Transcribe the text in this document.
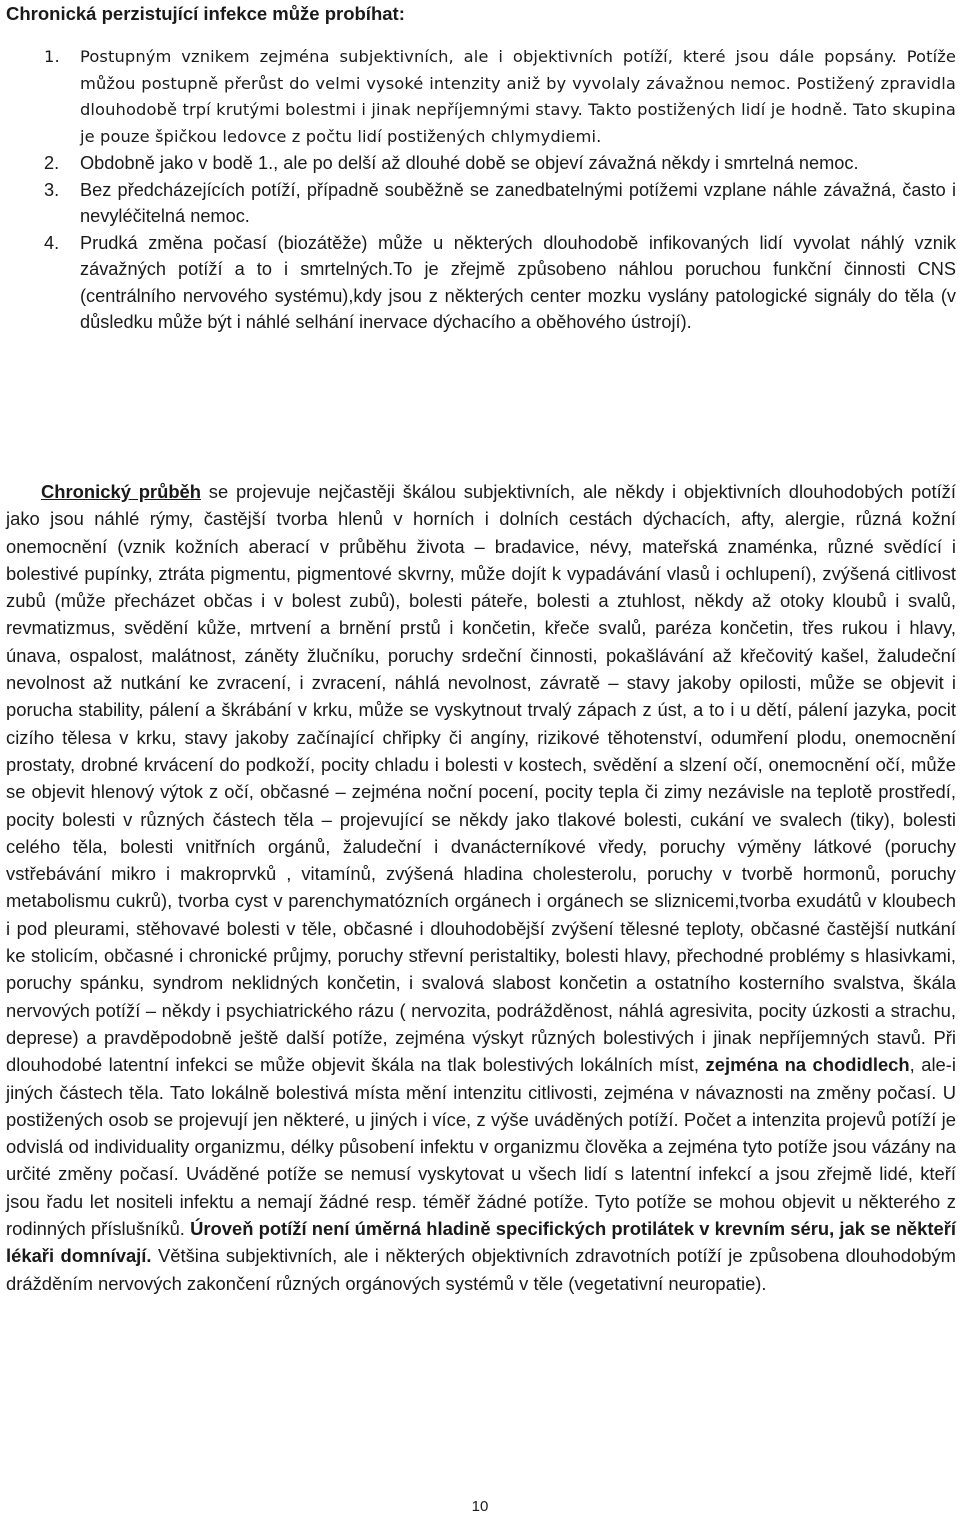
Chronická perzistující infekce může probíhat:
1. Postupným vznikem zejména subjektivních, ale i objektivních potíží, které jsou dále popsány. Potíže můžou postupně přerůst do velmi vysoké intenzity aniž by vyvolaly závažnou nemoc. Postižený zpravidla dlouhodobě trpí krutými bolestmi i jinak nepříjemnými stavy. Takto postižených lidí je hodně. Tato skupina je pouze špičkou ledovce z počtu lidí postižených chlymydiemi.
2. Obdobně jako v bodě 1., ale po delší až dlouhé době se objeví závažná někdy i smrtelná nemoc.
3. Bez předcházejících potíží, případně souběžně se zanedbatelnými potížemi vzplane náhle závažná, často i nevyléčitelná nemoc.
4. Prudká změna počasí (biozátěže) může u některých dlouhodobě infikovaných lidí vyvolat náhlý vznik závažných potíží a to i smrtelných.To je zřejmě způsobeno náhlou poruchou funkční činnosti CNS (centrálního nervového systému),kdy jsou z některých center mozku vyslány patologické signály do těla (v důsledku může být i náhlé selhání inervace dýchacího a oběhového ústrojí).

Chronický průběh se projevuje nejčastěji škálou subjektivních, ale někdy i objektivních dlouhodobých potíží jako jsou náhlé rýmy, častější tvorba hlenů v horních i dolních cestách dýchacích, afty, alergie, různá kožní onemocnění (vznik kožních aberací v průběhu života – bradavice, névy, mateřská znaménka, různé svědící i bolestivé pupínky, ztráta pigmentu, pigmentové skvrny, může dojít k vypadávání vlasů i ochlupení), zvýšená citlivost zubů (může přecházet občas i v bolest zubů), bolesti páteře, bolesti a ztuhlost, někdy až otoky kloubů i svalů, revmatizmus, svědění kůže, mrtvení a brnění prstů i končetin, křeče svalů, paréza končetin, třes rukou i hlavy, únava, ospalost, malátnost, záněty žlučníku, poruchy srdeční činnosti, pokašlávání až křečovitý kašel, žaludeční nevolnost až nutkání ke zvracení, i zvracení, náhlá nevolnost, závratě – stavy jakoby opilosti, může se objevit i porucha stability, pálení a škrábání v krku, může se vyskytnout trvalý zápach z úst, a to i u dětí, pálení jazyka, pocit cizího tělesa v krku, stavy jakoby začínající chřipky či angíny, rizikové těhotenství, odumření plodu, onemocnění prostaty, drobné krvácení do podkoží, pocity chladu i bolesti v kostech, svědění a slzení očí, onemocnění očí, může se objevit hlenový výtok z očí, občasné – zejména noční pocení, pocity tepla či zimy nezávisle na teplotě prostředí, pocity bolesti v různých částech těla – projevující se někdy jako tlakové bolesti, cukání ve svalech (tiky), bolesti celého těla, bolesti vnitřních orgánů, žaludeční i dvanácterníkové vředy, poruchy výměny látkové (poruchy vstřebávání mikro i makroprvků , vitamínů, zvýšená hladina cholesterolu, poruchy v tvorbě hormonů, poruchy metabolismu cukrů), tvorba cyst v parenchymatózních orgánech i orgánech se sliznicemi,tvorba exudátů v kloubech i pod pleurami, stěhovavé bolesti v těle, občasné i dlouhodobější zvýšení tělesné teploty, občasné častější nutkání ke stolicím, občasné i chronické průjmy, poruchy střevní peristaltiky, bolesti hlavy, přechodné problémy s hlasivkami, poruchy spánku, syndrom neklidných končetin, i svalová slabost končetin a ostatního kosterního svalstva, škála nervových potíží – někdy i psychiatrického rázu ( nervozita, podrážděnost, náhlá agresivita, pocity úzkosti a strachu, deprese) a pravděpodobně ještě další potíže, zejména výskyt různých bolestivých i jinak nepříjemných stavů. Při dlouhodobé latentní infekci se může objevit škála na tlak bolestivých lokálních míst, zejména na chodidlech, ale-i jiných částech těla. Tato lokálně bolestivá místa mění intenzitu citlivosti, zejména v návaznosti na změny počasí. U postižených osob se projevují jen některé, u jiných i více, z výše uváděných potíží. Počet a intenzita projevů potíží je odvislá od individuality organizmu, délky působení infektu v organizmu člověka a zejména tyto potíže jsou vázány na určité změny počasí. Uváděné potíže se nemusí vyskytovat u všech lidí s latentní infekcí a jsou zřejmě lidé, kteří jsou řadu let nositeli infektu a nemají žádné resp. téměř žádné potíže. Tyto potíže se mohou objevit u některého z rodinných příslušníků. Úroveň potíží není úměrná hladině specifických protilátek v krevním séru, jak se někteří lékaři domnívají. Většina subjektivních, ale i některých objektivních zdravotních potíží je způsobena dlouhodobým drážděním nervových zakončení různých orgánových systémů v těle (vegetativní neuropatie).

10
